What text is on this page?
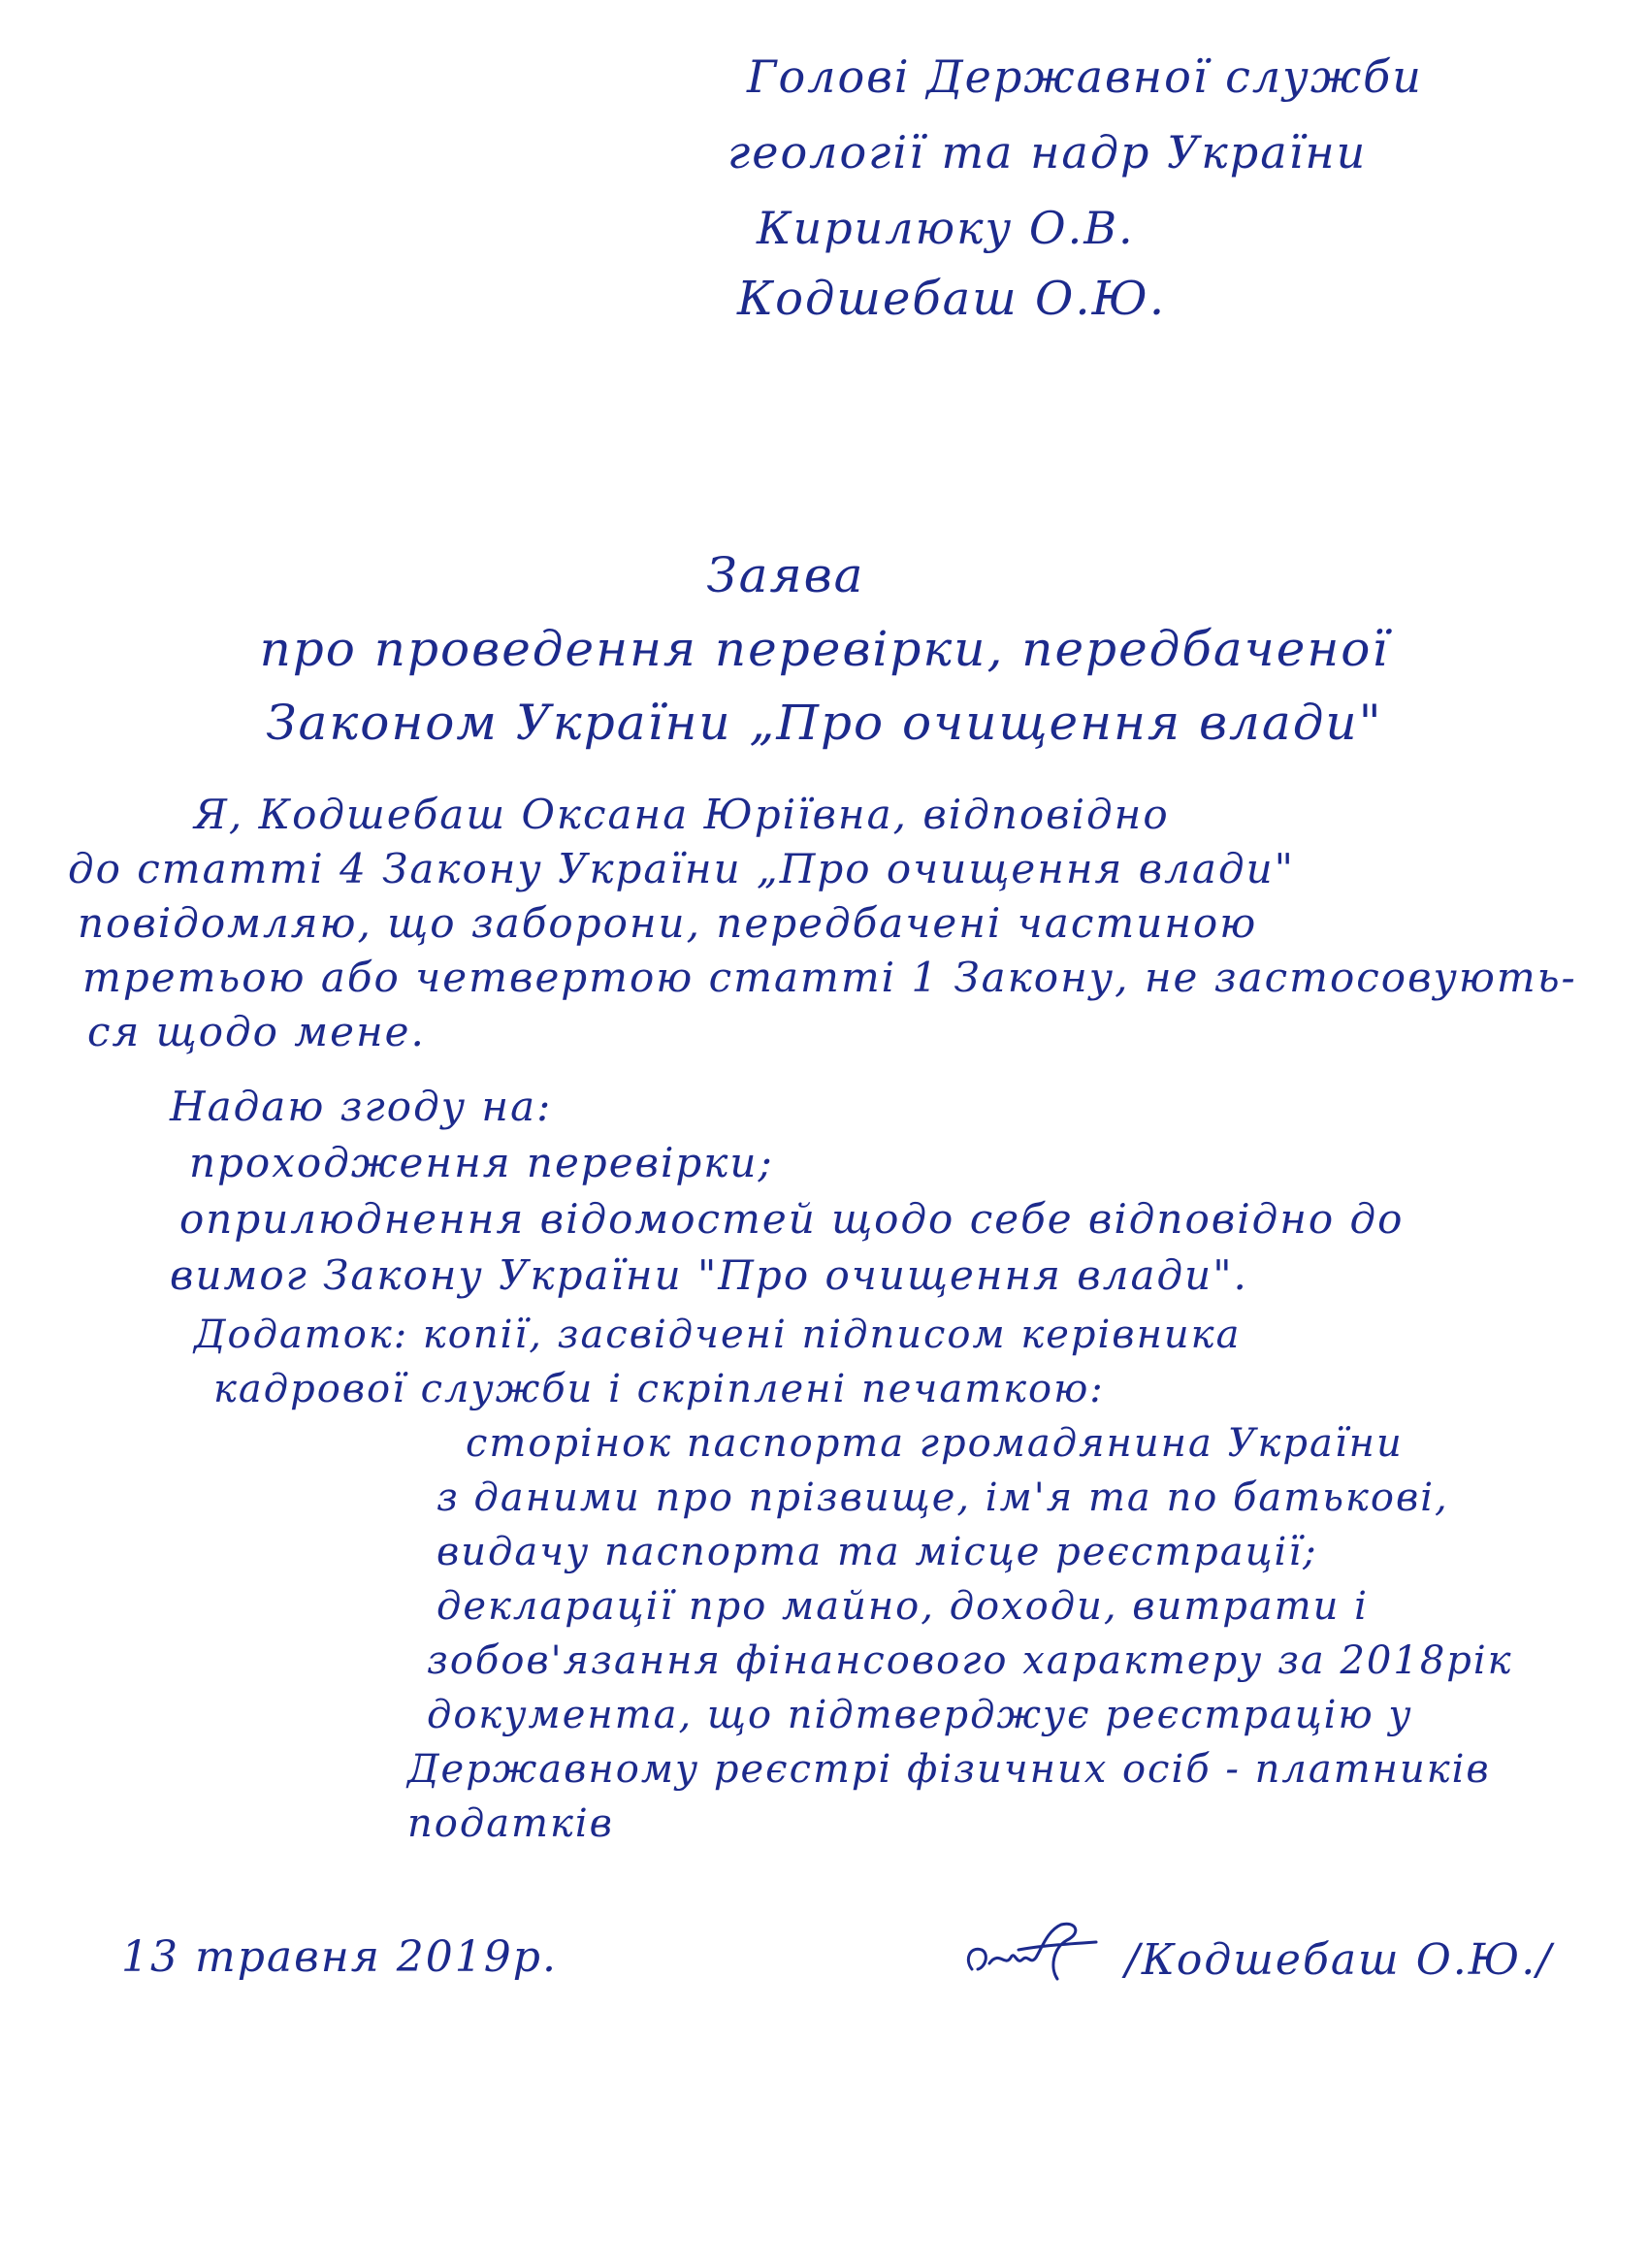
Голові Державної служби
геології та надр України
Кирилюку О.В.
Кодшебаш О.Ю.
Заява
про проведення перевірки, передбаченої
Законом України „Про очищення влади"
Я, Кодшебаш Оксана Юріївна, відповідно
до статті 4 Закону України „Про очищення влади"
повідомляю, що заборони, передбачені частиною
третьою або четвертою статті 1 Закону, не застосовують-
ся щодо мене.
Надаю згоду на:
проходження перевірки;
оприлюднення відомостей щодо себе відповідно до
вимог Закону України "Про очищення влади".
Додаток: копії, засвідчені підписом керівника
кадрової служби і скріплені печаткою:
сторінок паспорта громадянина України
з даними про прізвище, ім'я та по батькові,
видачу паспорта та місце реєстрації;
декларації про майно, доходи, витрати і
зобов'язання фінансового характеру за 2018рік
документа, що підтверджує реєстрацію у
Державному реєстрі фізичних осіб - платників
податків
13 травня 2019р.	/Кодшебаш О.Ю./
